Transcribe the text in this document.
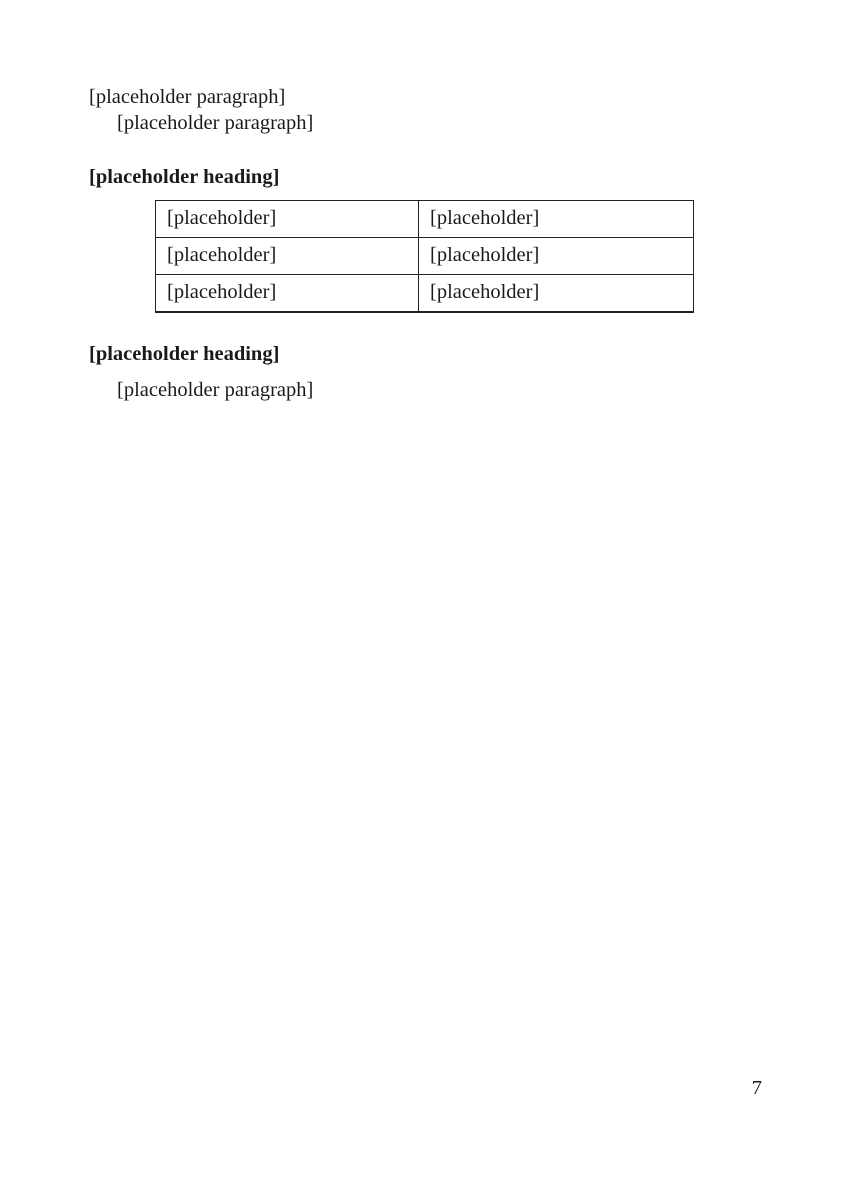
[placeholder paragraph]

[placeholder paragraph]

[placeholder heading]

[placeholder]	[placeholder]
[placeholder]	[placeholder]
[placeholder]	[placeholder]

[placeholder heading]

[placeholder paragraph]

7
